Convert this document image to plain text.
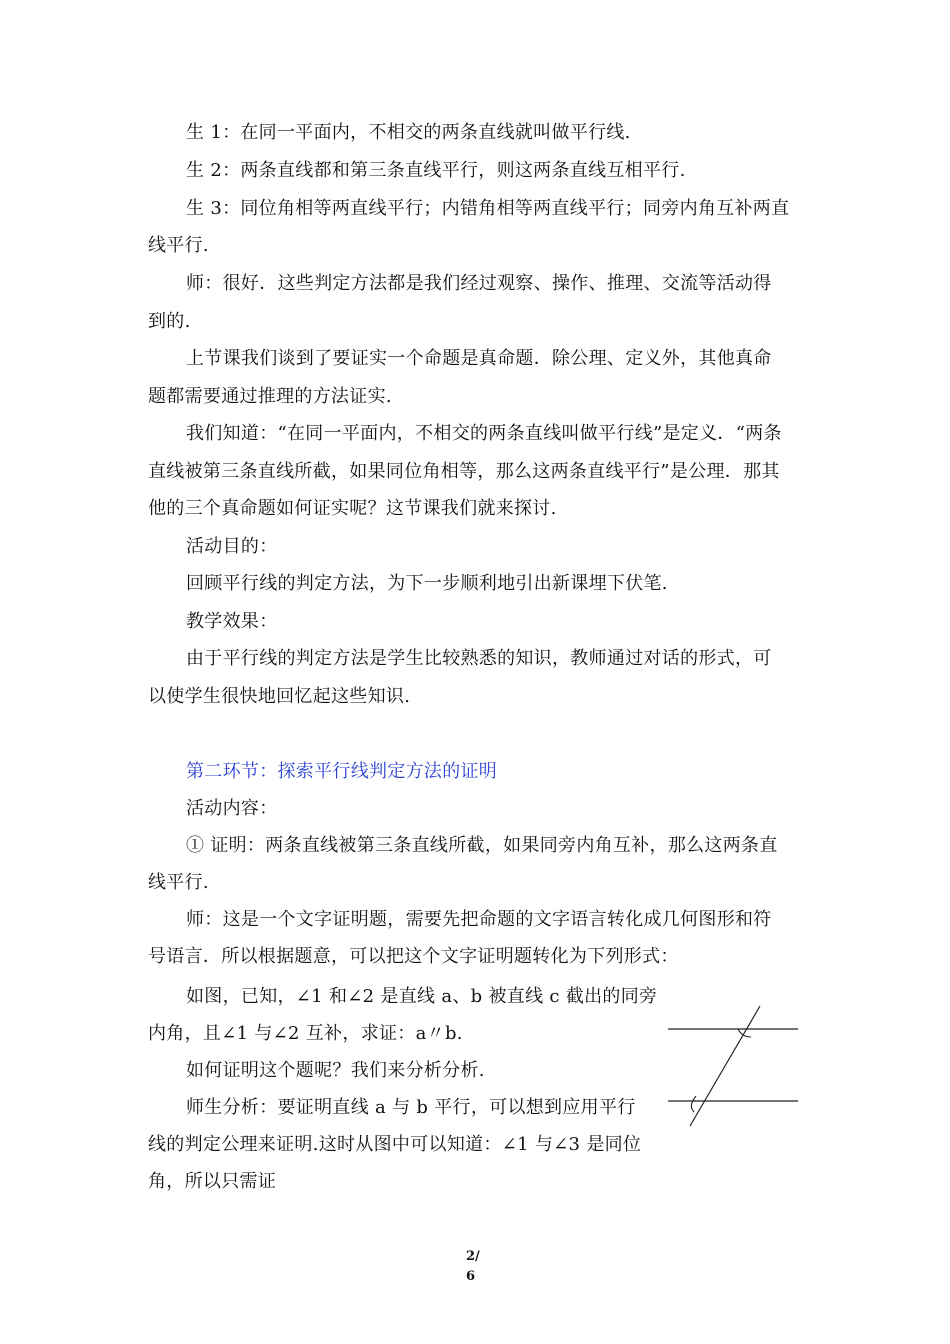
生 1：在同一平面内，不相交的两条直线就叫做平行线.
生 2：两条直线都和第三条直线平行，则这两条直线互相平行.
生 3：同位角相等两直线平行；内错角相等两直线平行；同旁内角互补两直
线平行.
师：很好．这些判定方法都是我们经过观察、操作、推理、交流等活动得
到的.
上节课我们谈到了要证实一个命题是真命题．除公理、定义外，其他真命
题都需要通过推理的方法证实.
我们知道：“在同一平面内，不相交的两条直线叫做平行线”是定义．“两条
直线被第三条直线所截，如果同位角相等，那么这两条直线平行”是公理．那其
他的三个真命题如何证实呢？这节课我们就来探讨.
活动目的：
回顾平行线的判定方法，为下一步顺利地引出新课埋下伏笔.
教学效果：
由于平行线的判定方法是学生比较熟悉的知识，教师通过对话的形式，可
以使学生很快地回忆起这些知识.
第二环节：探索平行线判定方法的证明
活动内容：
① 证明：两条直线被第三条直线所截，如果同旁内角互补，那么这两条直
线平行.
师：这是一个文字证明题，需要先把命题的文字语言转化成几何图形和符
号语言．所以根据题意，可以把这个文字证明题转化为下列形式：
如图，已知，∠1 和∠2 是直线 a、b 被直线 c 截出的同旁
内角，且∠1 与∠2 互补，求证：a〃b.
如何证明这个题呢？我们来分析分析.
师生分析：要证明直线 a 与 b 平行，可以想到应用平行
线的判定公理来证明.这时从图中可以知道：∠1 与∠3 是同位
角，所以只需证
2/
6
